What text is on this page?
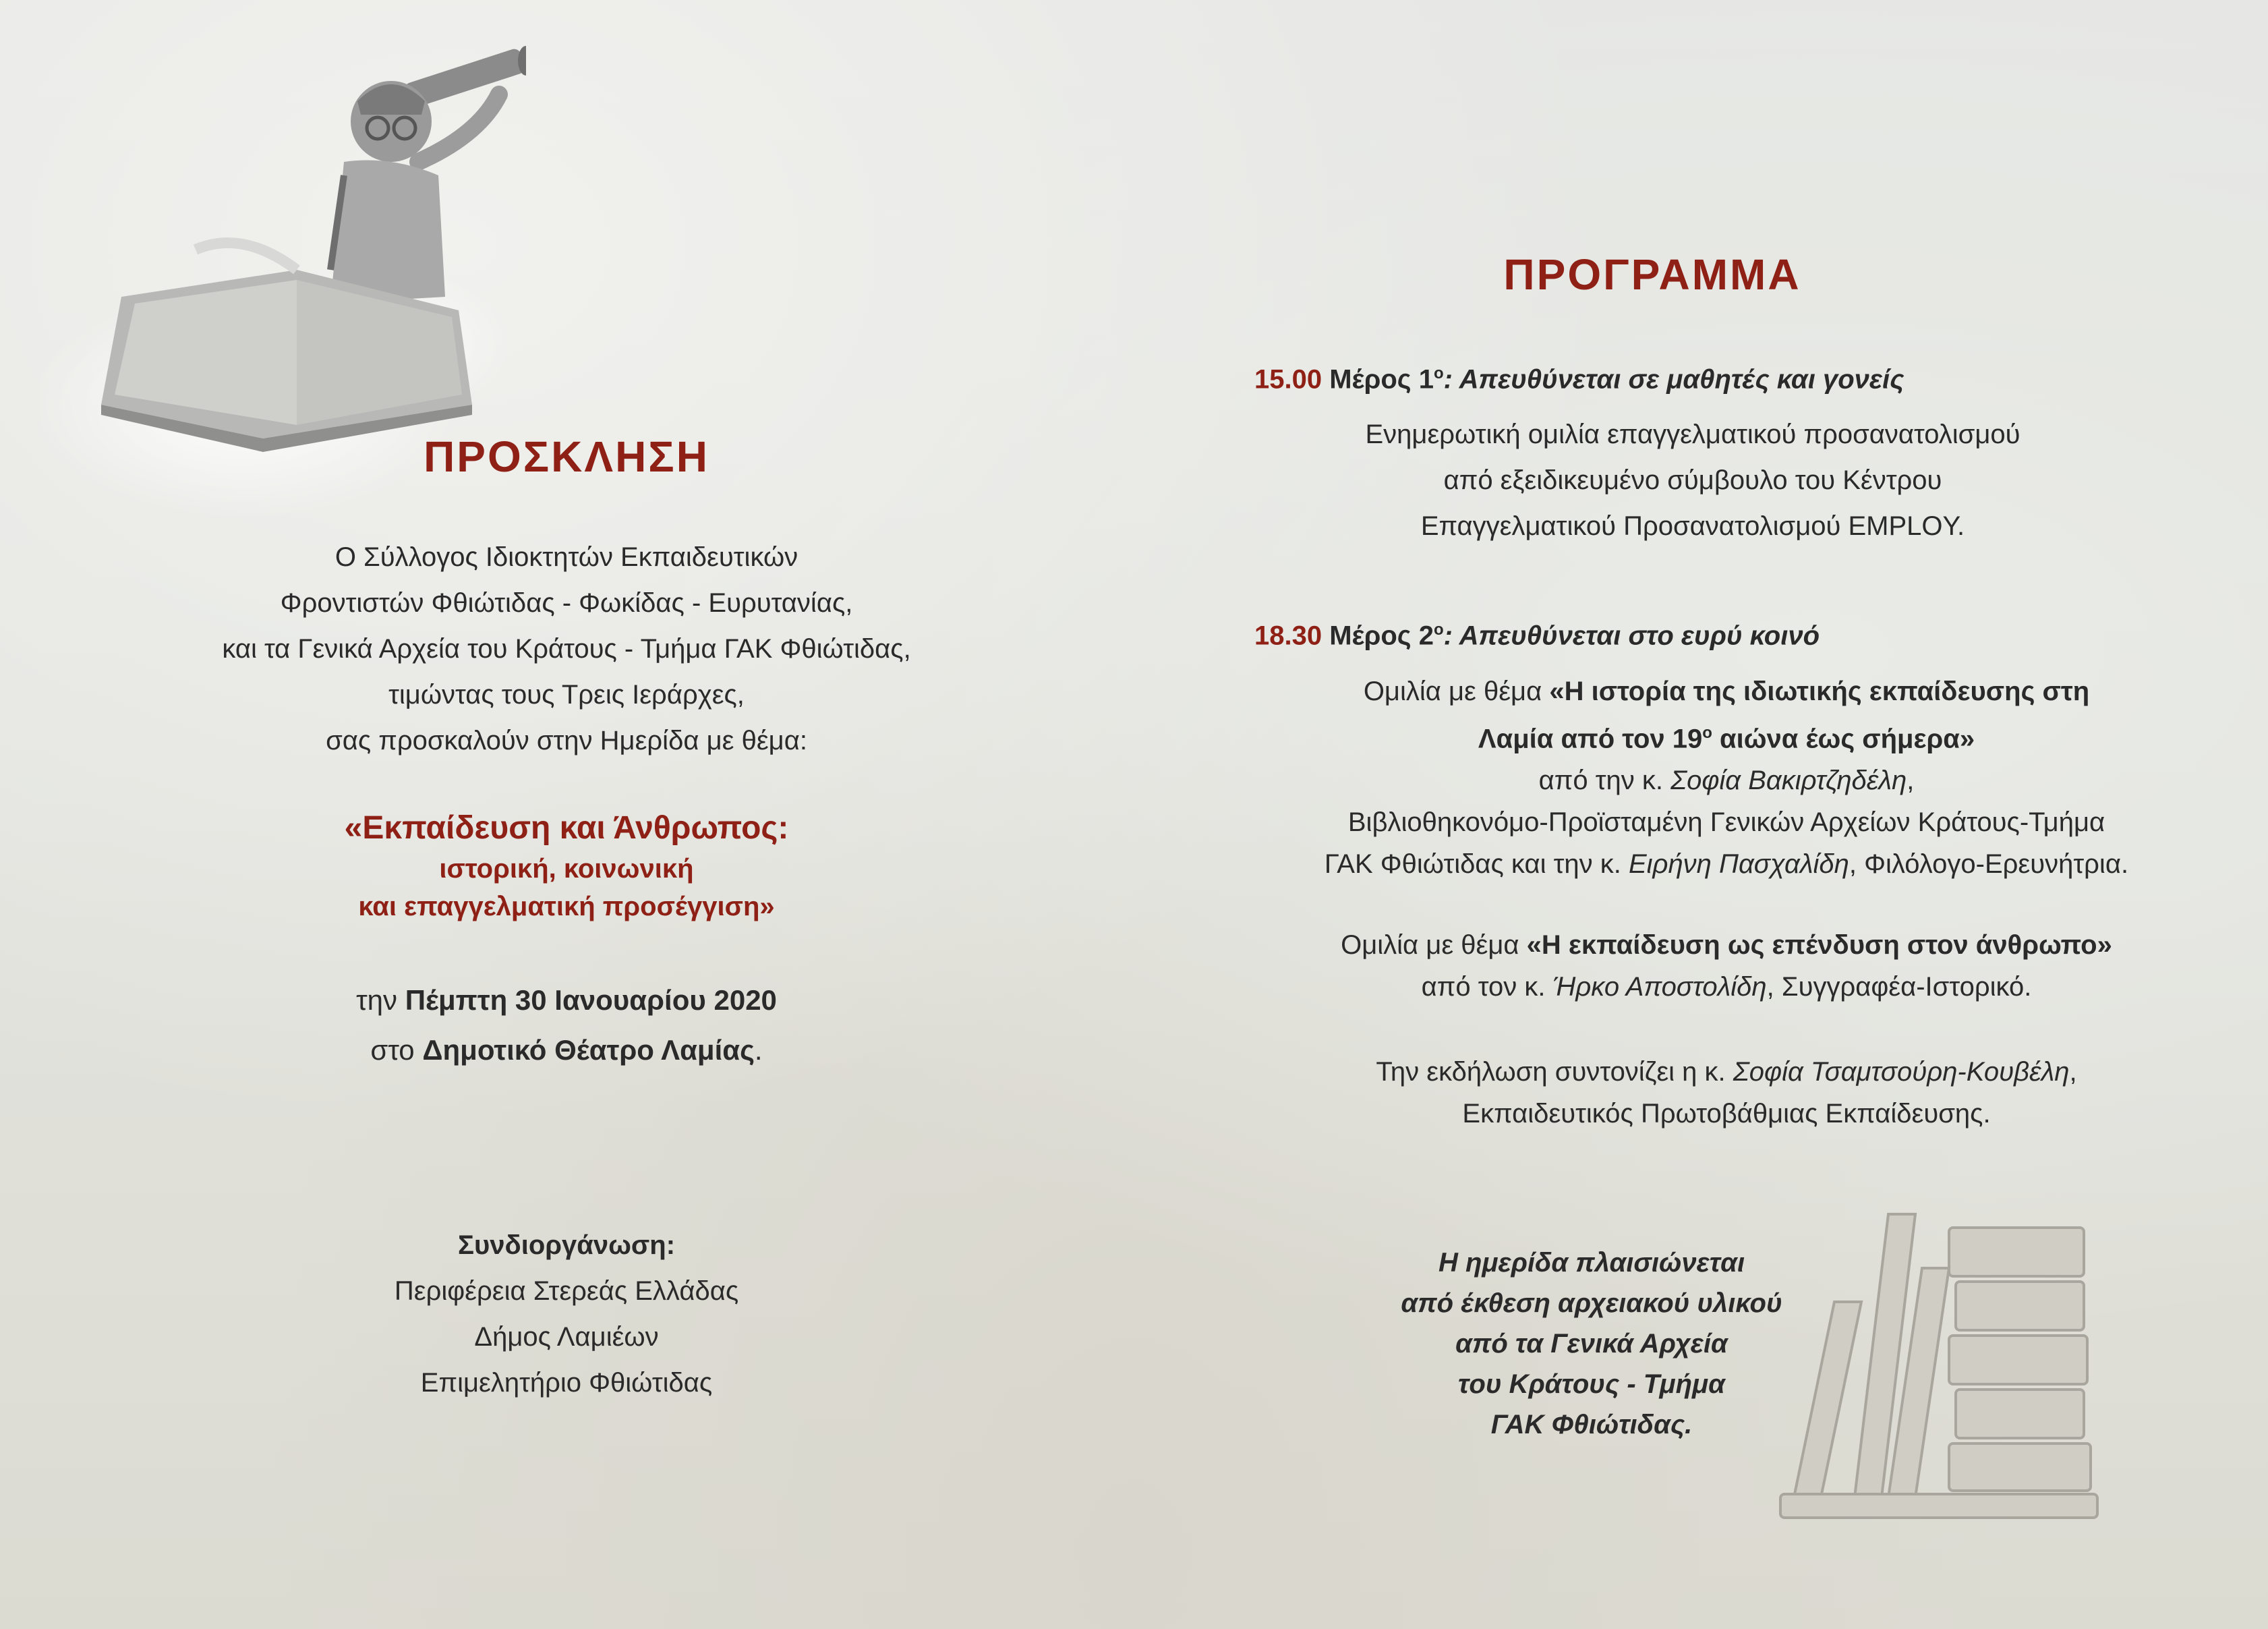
ΠΡΟΣΚΛΗΣΗ
Ο Σύλλογος Ιδιοκτητών Εκπαιδευτικών
Φροντιστών Φθιώτιδας - Φωκίδας - Ευρυτανίας,
και τα Γενικά Αρχεία του Κράτους - Τμήμα ΓΑΚ Φθιώτιδας,
τιμώντας τους Τρεις Ιεράρχες,
σας προσκαλούν στην Ημερίδα με θέμα:
«Εκπαίδευση και Άνθρωπος:
ιστορική, κοινωνική
και επαγγελματική προσέγγιση»
την Πέμπτη 30 Ιανουαρίου 2020
στο Δημοτικό Θέατρο Λαμίας.
Συνδιοργάνωση:
Περιφέρεια Στερεάς Ελλάδας
Δήμος Λαμιέων
Επιμελητήριο Φθιώτιδας
ΠΡΟΓΡΑΜΜΑ
15.00 Μέρος $1^o$: Απευθύνεται σε μαθητές και γονείς
Ενημερωτική ομιλία επαγγελματικού προσανατολισμού
από εξειδικευμένο σύμβουλο του Κέντρου
Επαγγελματικού Προσανατολισμού EMPLOY.
18.30 Μέρος $2^o$: Απευθύνεται στο ευρύ κοινό
Ομιλία με θέμα «Η ιστορία της ιδιωτικής εκπαίδευσης στη
Λαμία από τον $19^o$ αιώνα έως σήμερα»
από την κ. Σοφία Βακιρτζηδέλη,
Βιβλιοθηκονόμο-Προϊσταμένη Γενικών Αρχείων Κράτους-Τμήμα
ΓΑΚ Φθιώτιδας και την κ. Ειρήνη Πασχαλίδη, Φιλόλογο-Ερευνήτρια.
Ομιλία με θέμα «Η εκπαίδευση ως επένδυση στον άνθρωπο»
από τον κ. Ήρκο Αποστολίδη, Συγγραφέα-Ιστορικό.
Την εκδήλωση συντονίζει η κ. Σοφία Τσαμτσούρη-Κουβέλη,
Εκπαιδευτικός Πρωτοβάθμιας Εκπαίδευσης.
Η ημερίδα πλαισιώνεται
από έκθεση αρχειακού υλικού
από τα Γενικά Αρχεία
του Κράτους - Τμήμα
ΓΑΚ Φθιώτιδας.
